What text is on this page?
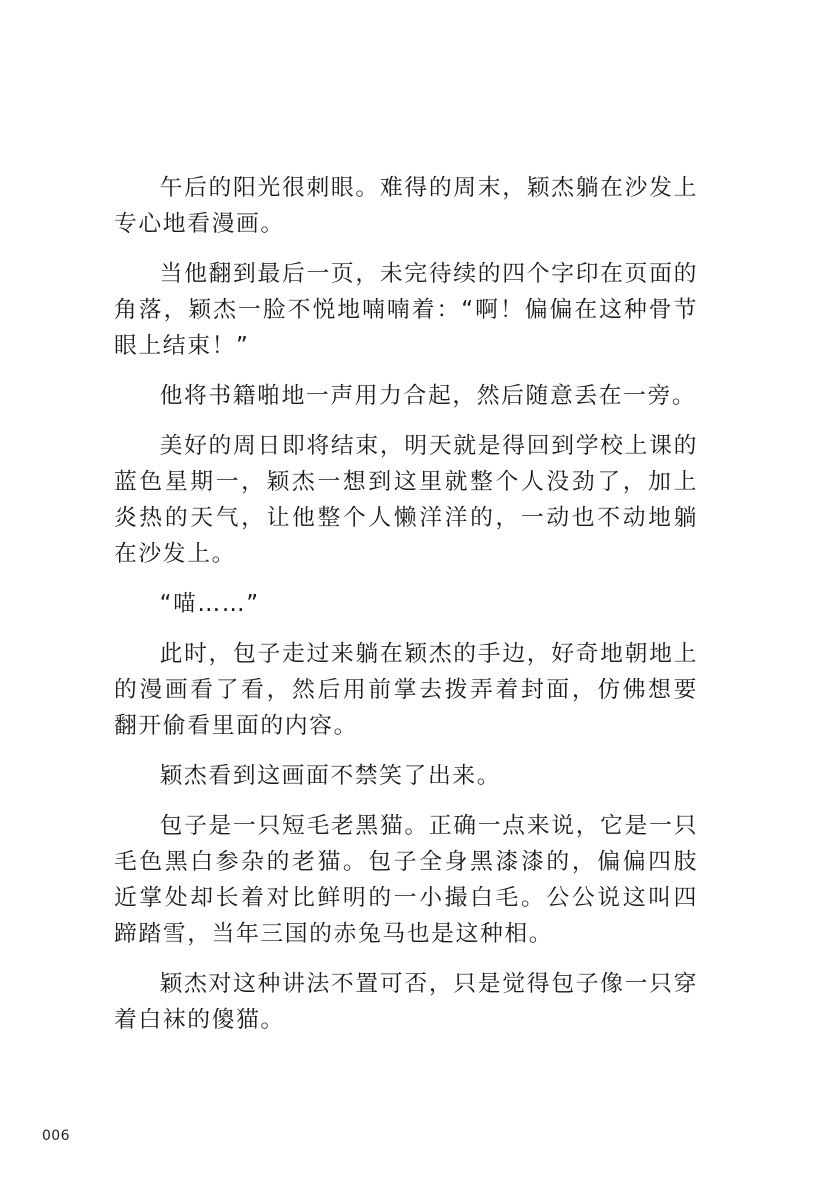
午后的阳光很刺眼。难得的周末，颖杰躺在沙发上专心地看漫画。

当他翻到最后一页，未完待续的四个字印在页面的角落，颖杰一脸不悦地喃喃着：“啊！偏偏在这种骨节眼上结束！”

他将书籍啪地一声用力合起，然后随意丢在一旁。

美好的周日即将结束，明天就是得回到学校上课的蓝色星期一，颖杰一想到这里就整个人没劲了，加上炎热的天气，让他整个人懒洋洋的，一动也不动地躺在沙发上。

“喵……”

此时，包子走过来躺在颖杰的手边，好奇地朝地上的漫画看了看，然后用前掌去拨弄着封面，仿佛想要翻开偷看里面的内容。

颖杰看到这画面不禁笑了出来。

包子是一只短毛老黑猫。正确一点来说，它是一只毛色黑白参杂的老猫。包子全身黑漆漆的，偏偏四肢近掌处却长着对比鲜明的一小撮白毛。公公说这叫四蹄踏雪，当年三国的赤兔马也是这种相。

颖杰对这种讲法不置可否，只是觉得包子像一只穿着白袜的傻猫。

006
